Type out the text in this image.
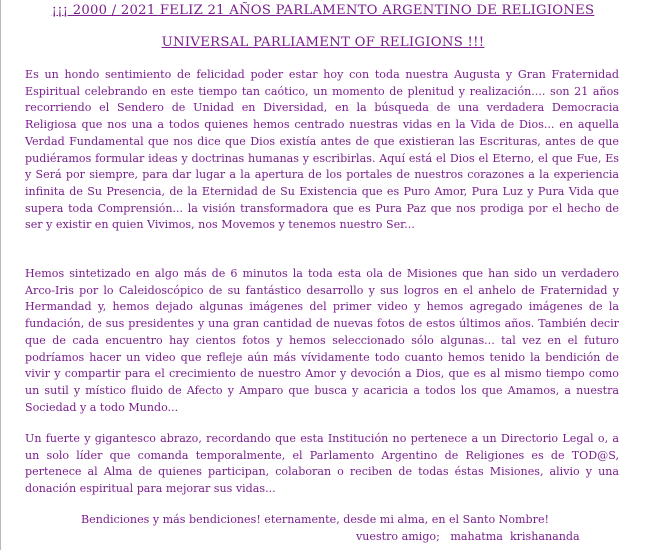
¡¡¡ 2000 / 2021 FELIZ 21 AÑOS PARLAMENTO ARGENTINO DE RELIGIONES
UNIVERSAL PARLIAMENT OF RELIGIONS !!!

Es un hondo sentimiento de felicidad poder estar hoy con toda nuestra Augusta y Gran Fraternidad Espiritual celebrando en este tiempo tan caótico, un momento de plenitud y realización.... son 21 años recorriendo el Sendero de Unidad en Diversidad, en la búsqueda de una verdadera Democracia Religiosa que nos una a todos quienes hemos centrado nuestras vidas en la Vida de Dios... en aquella Verdad Fundamental que nos dice que Dios existía antes de que existieran las Escrituras, antes de que pudiéramos formular ideas y doctrinas humanas y escribirlas. Aquí está el Dios el Eterno, el que Fue, Es y Será por siempre, para dar lugar a la apertura de los portales de nuestros corazones a la experiencia infinita de Su Presencia, de la Eternidad de Su Existencia que es Puro Amor, Pura Luz y Pura Vida que supera toda Comprensión... la visión transformadora que es Pura Paz que nos prodiga por el hecho de ser y existir en quien Vivimos, nos Movemos y tenemos nuestro Ser...

Hemos sintetizado en algo más de 6 minutos la toda esta ola de Misiones que han sido un verdadero Arco-Iris por lo Caleidoscópico de su fantástico desarrollo y sus logros en el anhelo de Fraternidad y Hermandad y, hemos dejado algunas imágenes del primer video y hemos agregado imágenes de la fundación, de sus presidentes y una gran cantidad de nuevas fotos de estos últimos años. También decir que de cada encuentro hay cientos fotos y hemos seleccionado sólo algunas... tal vez en el futuro podríamos hacer un video que refleje aún más vívidamente todo cuanto hemos tenido la bendición de vivir y compartir para el crecimiento de nuestro Amor y devoción a Dios, que es al mismo tiempo como un sutil y místico fluido de Afecto y Amparo que busca y acaricia a todos los que Amamos, a nuestra Sociedad y a todo Mundo...

Un fuerte y gigantesco abrazo, recordando que esta Institución no pertenece a un Directorio Legal o, a un solo líder que comanda temporalmente, el Parlamento Argentino de Religiones es de TOD@S, pertenece al Alma de quienes participan, colaboran o reciben de todas éstas Misiones, alivio y una donación espiritual para mejorar sus vidas...

Bendiciones y más bendiciones! eternamente, desde mi alma, en el Santo Nombre!
vuestro amigo;   mahatma  krishananda
